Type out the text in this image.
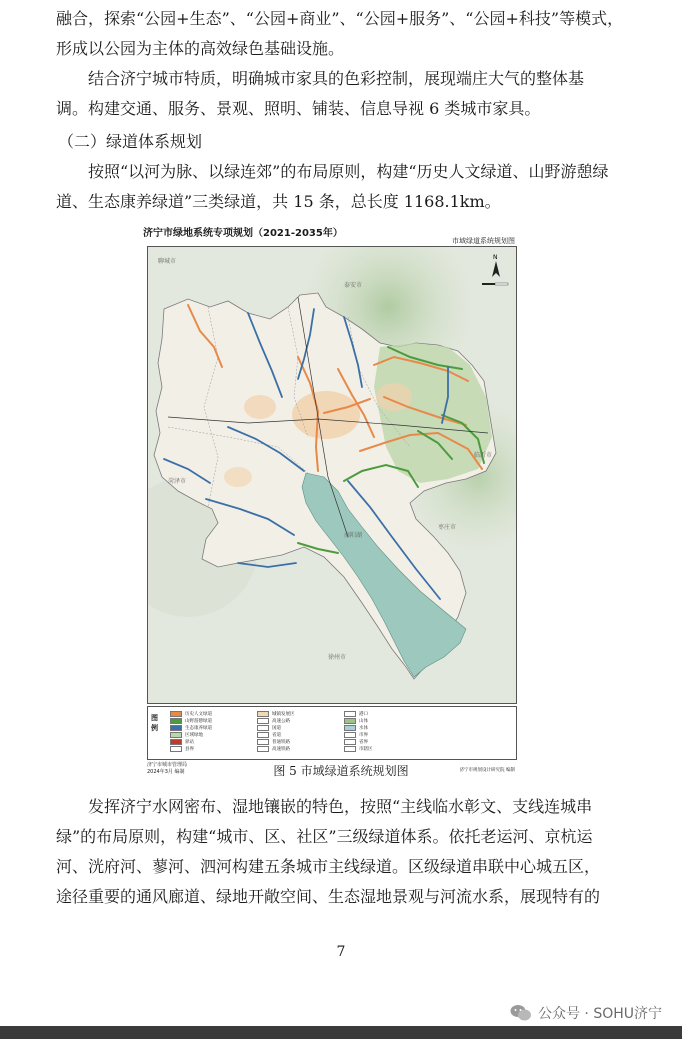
融合，探索“公园+生态”、“公园+商业”、“公园+服务”、“公园+科技”等模式，
形成以公园为主体的高效绿色基础设施。

结合济宁城市特质，明确城市家具的色彩控制，展现端庄大气的整体基
调。构建交通、服务、景观、照明、铺装、信息导视 6 类城市家具。

（二）绿道体系规划

按照“以河为脉、以绿连郊”的布局原则，构建“历史人文绿道、山野游憩绿
道、生态康养绿道”三类绿道，共 15 条，总长度 1168.1km。

济宁市绿地系统专项规划（2021-2035年）
市域绿道系统规划图
聊城市
泰安市
临沂市
菏泽市
枣庄市
徐州市
南阳湖
N
图例
历史人文绿道
山野游憩绿道
生态康养绿道
区域绿地
驿站
县界
城镇发展区
高速公路
国道
省道
普通铁路
高速铁路
港口
山体
水体
市界
省界
市辖区
济宁市城市管理局
2024年3月 编制	济宁市规划设计研究院 编制

图 5 市域绿道系统规划图

发挥济宁水网密布、湿地镶嵌的特色，按照“主线临水彰文、支线连城串
绿”的布局原则，构建“城市、区、社区”三级绿道体系。依托老运河、京杭运
河、洸府河、蓼河、泗河构建五条城市主线绿道。区级绿道串联中心城五区，
途径重要的通风廊道、绿地开敞空间、生态湿地景观与河流水系，展现特有的

7
公众号 · SOHU济宁
